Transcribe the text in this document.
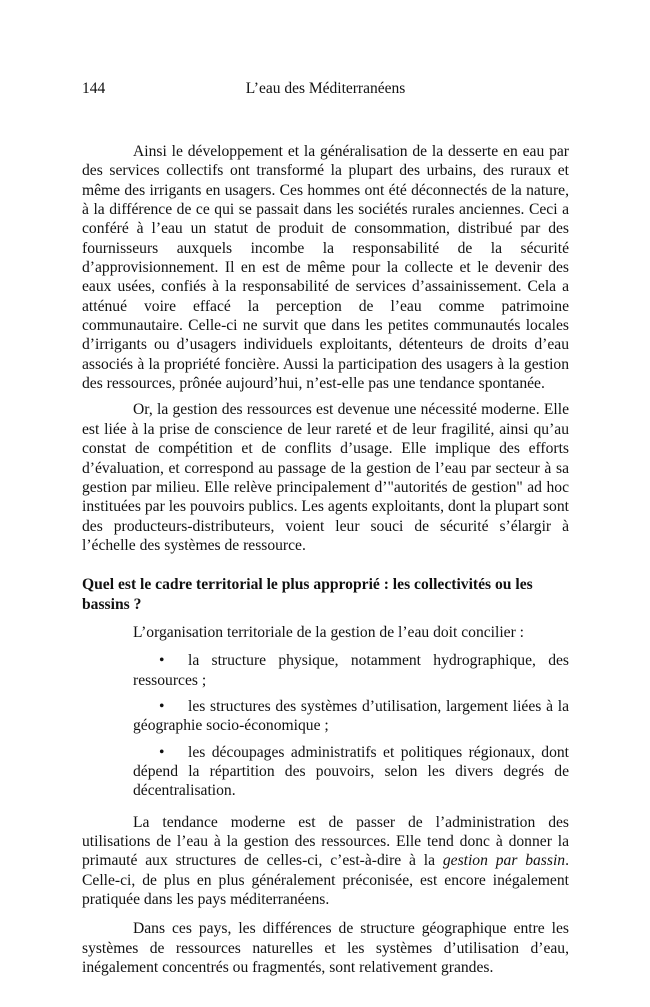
144	L’eau des Méditerranéens

Ainsi le développement et la généralisation de la desserte en eau par des services collectifs ont transformé la plupart des urbains, des ruraux et même des irrigants en usagers. Ces hommes ont été déconnectés de la nature, à la différence de ce qui se passait dans les sociétés rurales anciennes. Ceci a conféré à l’eau un statut de produit de consommation, distribué par des fournisseurs auxquels incombe la responsabilité de la sécurité d’approvisionnement. Il en est de même pour la collecte et le devenir des eaux usées, confiés à la responsabilité de services d’assainissement. Cela a atténué voire effacé la perception de l’eau comme patrimoine communautaire. Celle-ci ne survit que dans les petites communautés locales d’irrigants ou d’usagers individuels exploitants, détenteurs de droits d’eau associés à la propriété foncière. Aussi la participation des usagers à la gestion des ressources, prônée aujourd’hui, n’est-elle pas une tendance spontanée.

Or, la gestion des ressources est devenue une nécessité moderne. Elle est liée à la prise de conscience de leur rareté et de leur fragilité, ainsi qu’au constat de compétition et de conflits d’usage. Elle implique des efforts d’évaluation, et correspond au passage de la gestion de l’eau par secteur à sa gestion par milieu. Elle relève principalement d’"autorités de gestion" ad hoc instituées par les pouvoirs publics. Les agents exploitants, dont la plupart sont des producteurs-distributeurs, voient leur souci de sécurité s’élargir à l’échelle des systèmes de ressource.

Quel est le cadre territorial le plus approprié : les collectivités ou les bassins ?

L’organisation territoriale de la gestion de l’eau doit concilier :

• la structure physique, notamment hydrographique, des ressources ;

• les structures des systèmes d’utilisation, largement liées à la géographie socio-économique ;

• les découpages administratifs et politiques régionaux, dont dépend la répartition des pouvoirs, selon les divers degrés de décentralisation.

La tendance moderne est de passer de l’administration des utilisations de l’eau à la gestion des ressources. Elle tend donc à donner la primauté aux structures de celles-ci, c’est-à-dire à la gestion par bassin. Celle-ci, de plus en plus généralement préconisée, est encore inégalement pratiquée dans les pays méditerranéens.

Dans ces pays, les différences de structure géographique entre les systèmes de ressources naturelles et les systèmes d’utilisation d’eau, inégalement concentrés ou fragmentés, sont relativement grandes.
